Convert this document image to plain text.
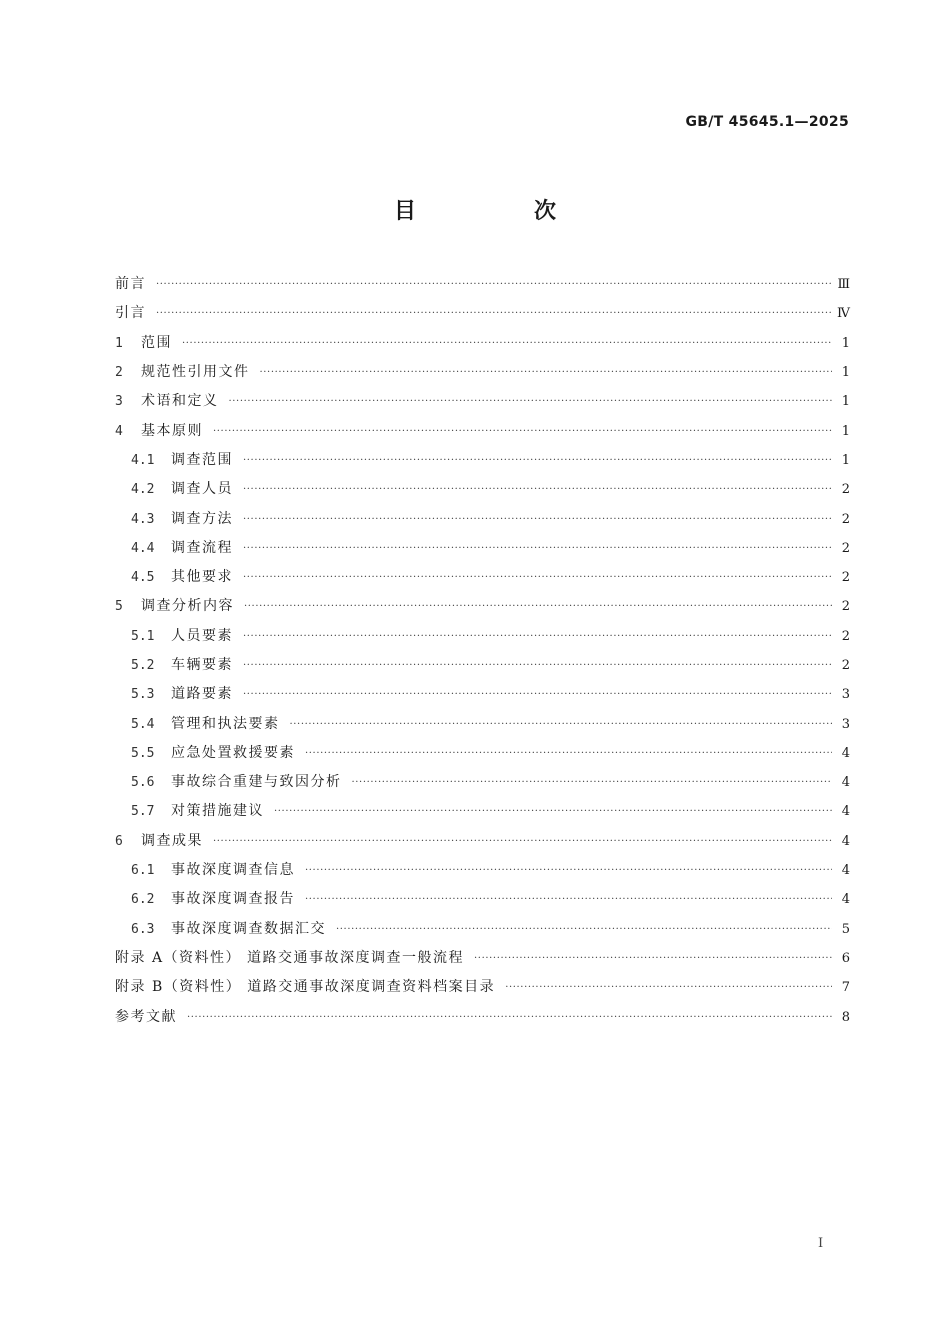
GB/T 45645.1—2025
目　次
前言 ·····	Ⅲ
引言 ·····	Ⅳ
1	范围 ·····	1
2	规范性引用文件 ·····	1
3	术语和定义 ·····	1
4	基本原则 ·····	1
4.1	调查范围 ·····	1
4.2	调查人员 ·····	2
4.3	调查方法 ·····	2
4.4	调查流程 ·····	2
4.5	其他要求 ·····	2
5	调查分析内容 ·····	2
5.1	人员要素 ·····	2
5.2	车辆要素 ·····	2
5.3	道路要素 ·····	3
5.4	管理和执法要素 ·····	3
5.5	应急处置救援要素 ·····	4
5.6	事故综合重建与致因分析 ·····	4
5.7	对策措施建议 ·····	4
6	调查成果 ·····	4
6.1	事故深度调查信息 ·····	4
6.2	事故深度调查报告 ·····	4
6.3	事故深度调查数据汇交 ·····	5
附录 A（资料性） 道路交通事故深度调查一般流程 ·····	6
附录 B（资料性） 道路交通事故深度调查资料档案目录 ·····	7
参考文献 ·····	8
I
